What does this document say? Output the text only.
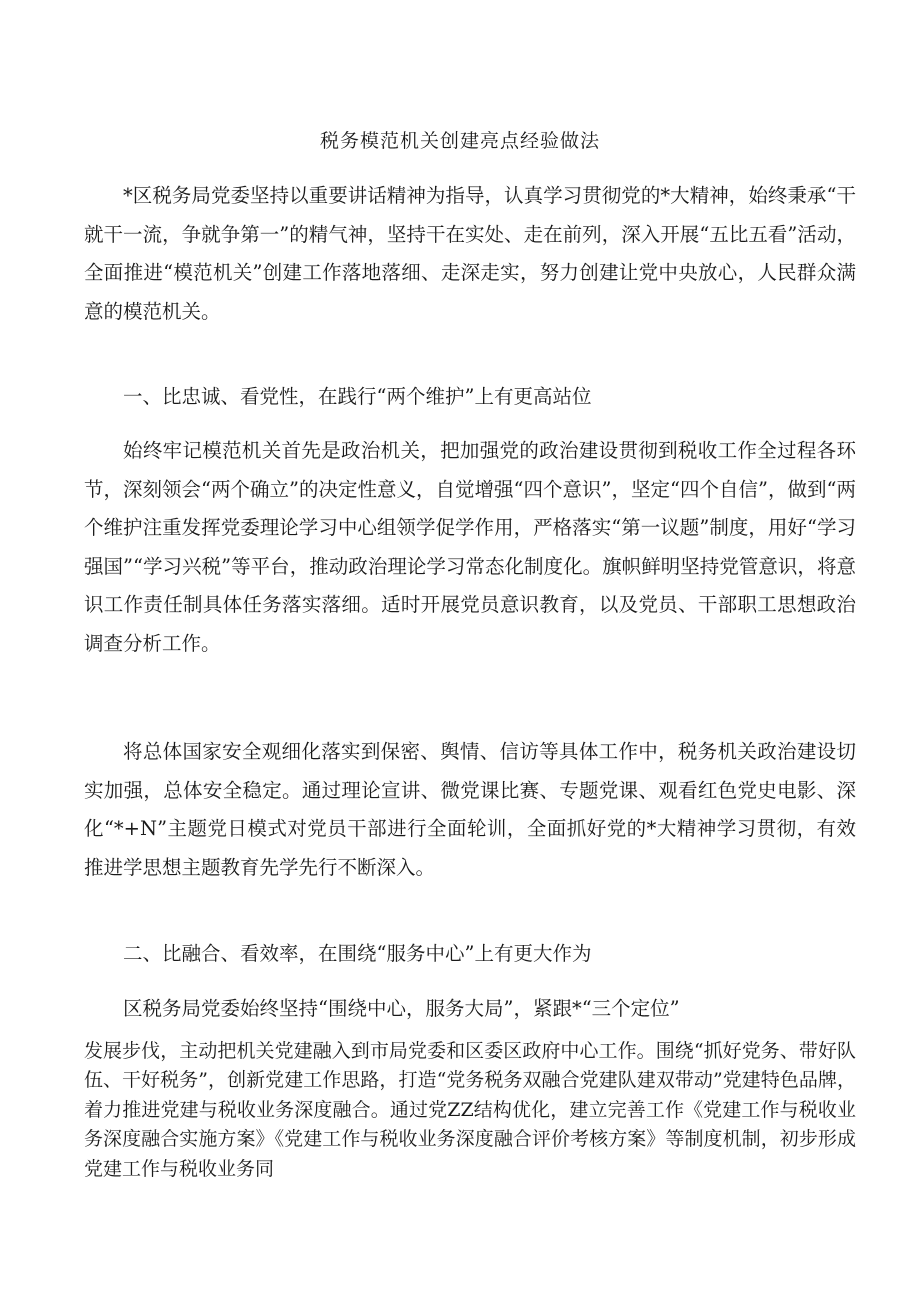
税务模范机关创建亮点经验做法

*区税务局党委坚持以重要讲话精神为指导，认真学习贯彻党的*大精神，始终秉承“干就干一流，争就争第一”的精气神，坚持干在实处、走在前列，深入开展“五比五看”活动，全面推进“模范机关”创建工作落地落细、走深走实，努力创建让党中央放心，人民群众满意的模范机关。

一、比忠诚、看党性，在践行“两个维护”上有更高站位

始终牢记模范机关首先是政治机关，把加强党的政治建设贯彻到税收工作全过程各环节，深刻领会“两个确立”的决定性意义，自觉增强“四个意识”，坚定“四个自信”，做到“两个维护注重发挥党委理论学习中心组领学促学作用，严格落实“第一议题”制度，用好“学习强国”“学习兴税”等平台，推动政治理论学习常态化制度化。旗帜鲜明坚持党管意识，将意识工作责任制具体任务落实落细。适时开展党员意识教育，以及党员、干部职工思想政治调查分析工作。

将总体国家安全观细化落实到保密、舆情、信访等具体工作中，税务机关政治建设切实加强，总体安全稳定。通过理论宣讲、微党课比赛、专题党课、观看红色党史电影、深化“*+N”主题党日模式对党员干部进行全面轮训，全面抓好党的*大精神学习贯彻，有效推进学思想主题教育先学先行不断深入。

二、比融合、看效率，在围绕“服务中心”上有更大作为

区税务局党委始终坚持“围绕中心，服务大局”，紧跟*“三个定位”

发展步伐，主动把机关党建融入到市局党委和区委区政府中心工作。围绕“抓好党务、带好队伍、干好税务”，创新党建工作思路，打造“党务税务双融合党建队建双带动”党建特色品牌，着力推进党建与税收业务深度融合。通过党ZZ结构优化，建立完善工作《党建工作与税收业务深度融合实施方案》《党建工作与税收业务深度融合评价考核方案》等制度机制，初步形成党建工作与税收业务同
